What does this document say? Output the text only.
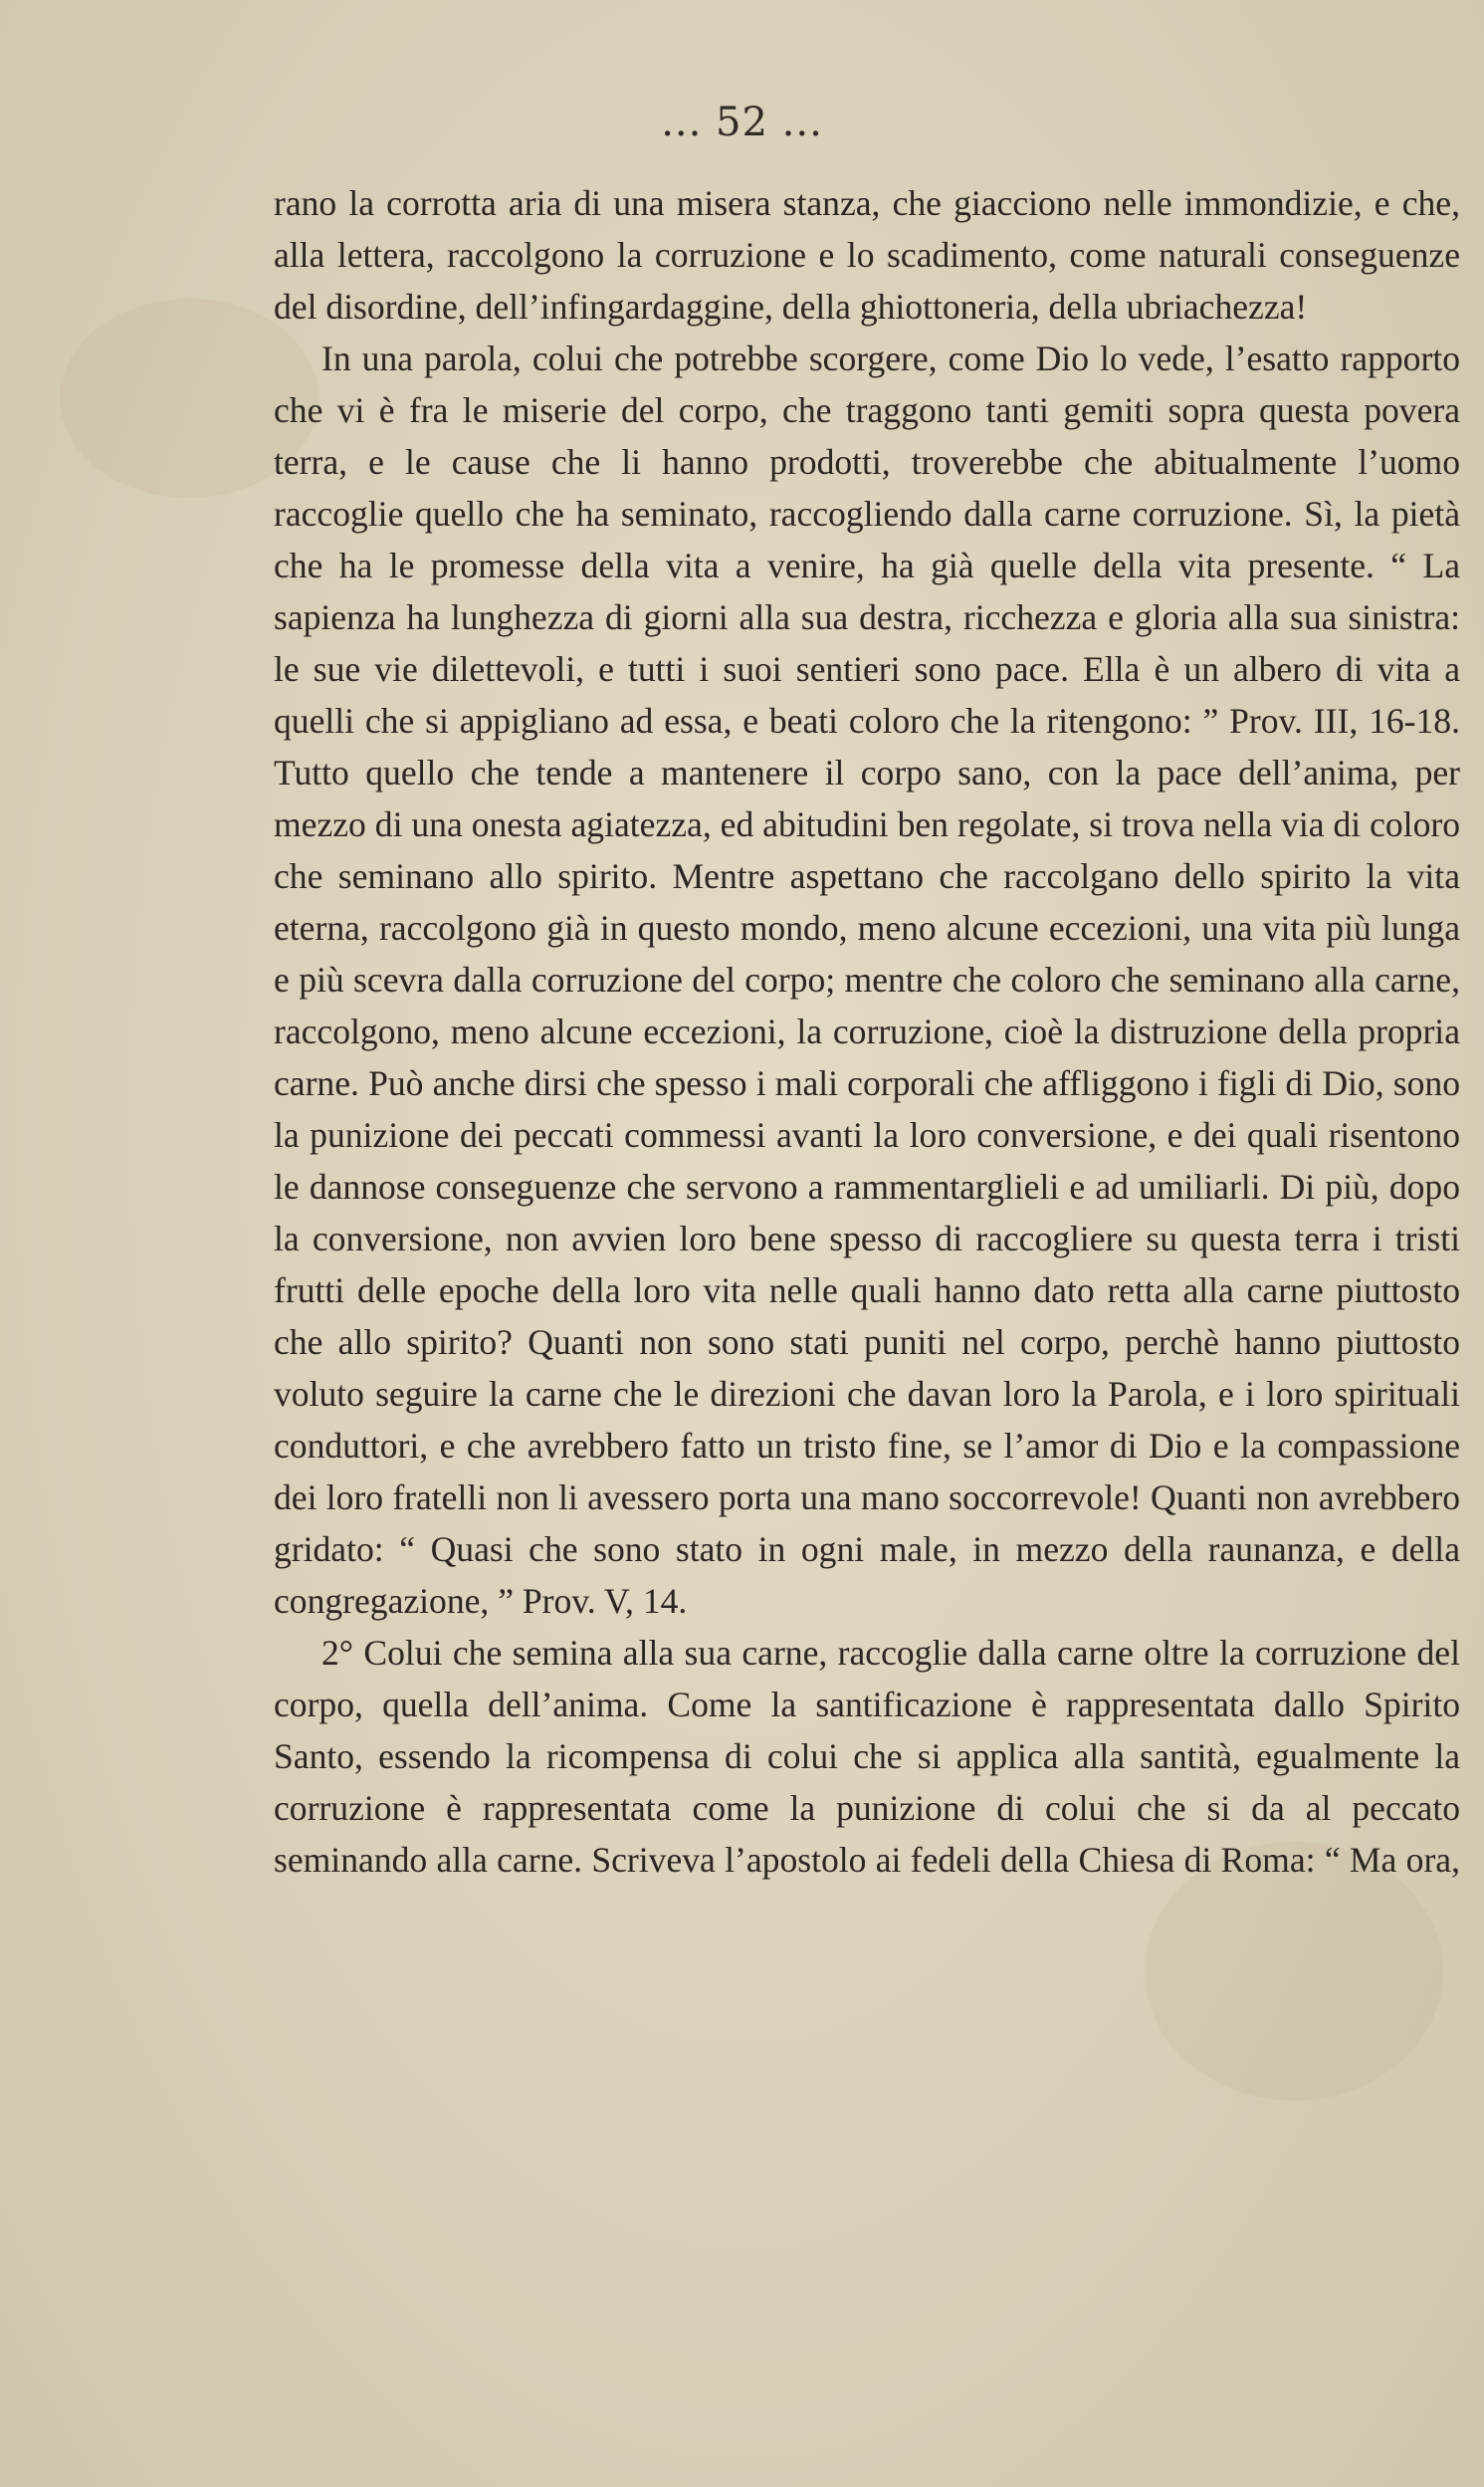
... 52 ...

rano la corrotta aria di una misera stanza, che giacciono nelle immondizie, e che, alla lettera, raccolgono la corruzione e lo scadimento, come naturali conseguenze del disordine, dell’infingardaggine, della ghiottoneria, della ubriachezza!

In una parola, colui che potrebbe scorgere, come Dio lo vede, l’esatto rapporto che vi è fra le miserie del corpo, che traggono tanti gemiti sopra questa povera terra, e le cause che li hanno prodotti, troverebbe che abitualmente l’uomo raccoglie quello che ha seminato, raccogliendo dalla carne corruzione. Sì, la pietà che ha le promesse della vita a venire, ha già quelle della vita presente. “ La sapienza ha lunghezza di giorni alla sua destra, ricchezza e gloria alla sua sinistra: le sue vie dilettevoli, e tutti i suoi sentieri sono pace. Ella è un albero di vita a quelli che si appigliano ad essa, e beati coloro che la ritengono: ” Prov. III, 16-18. Tutto quello che tende a mantenere il corpo sano, con la pace dell’anima, per mezzo di una onesta agiatezza, ed abitudini ben regolate, si trova nella via di coloro che seminano allo spirito. Mentre aspettano che raccolgano dello spirito la vita eterna, raccolgono già in questo mondo, meno alcune eccezioni, una vita più lunga e più scevra dalla corruzione del corpo; mentre che coloro che seminano alla carne, raccolgono, meno alcune eccezioni, la corruzione, cioè la distruzione della propria carne. Può anche dirsi che spesso i mali corporali che affliggono i figli di Dio, sono la punizione dei peccati commessi avanti la loro conversione, e dei quali risentono le dannose conseguenze che servono a rammentarglieli e ad umiliarli. Di più, dopo la conversione, non avvien loro bene spesso di raccogliere su questa terra i tristi frutti delle epoche della loro vita nelle quali hanno dato retta alla carne piuttosto che allo spirito? Quanti non sono stati puniti nel corpo, perchè hanno piuttosto voluto seguire la carne che le direzioni che davan loro la Parola, e i loro spirituali conduttori, e che avrebbero fatto un tristo fine, se l’amor di Dio e la compassione dei loro fratelli non li avessero porta una mano soccorrevole! Quanti non avrebbero gridato: “ Quasi che sono stato in ogni male, in mezzo della raunanza, e della congregazione, ” Prov. V, 14.

2° Colui che semina alla sua carne, raccoglie dalla carne oltre la corruzione del corpo, quella dell’anima. Come la santificazione è rappresentata dallo Spirito Santo, essendo la ricompensa di colui che si applica alla santità, egualmente la corruzione è rappresentata come la punizione di colui che si da al peccato seminando alla carne. Scriveva l’apostolo ai fedeli della Chiesa di Roma: “ Ma ora,
